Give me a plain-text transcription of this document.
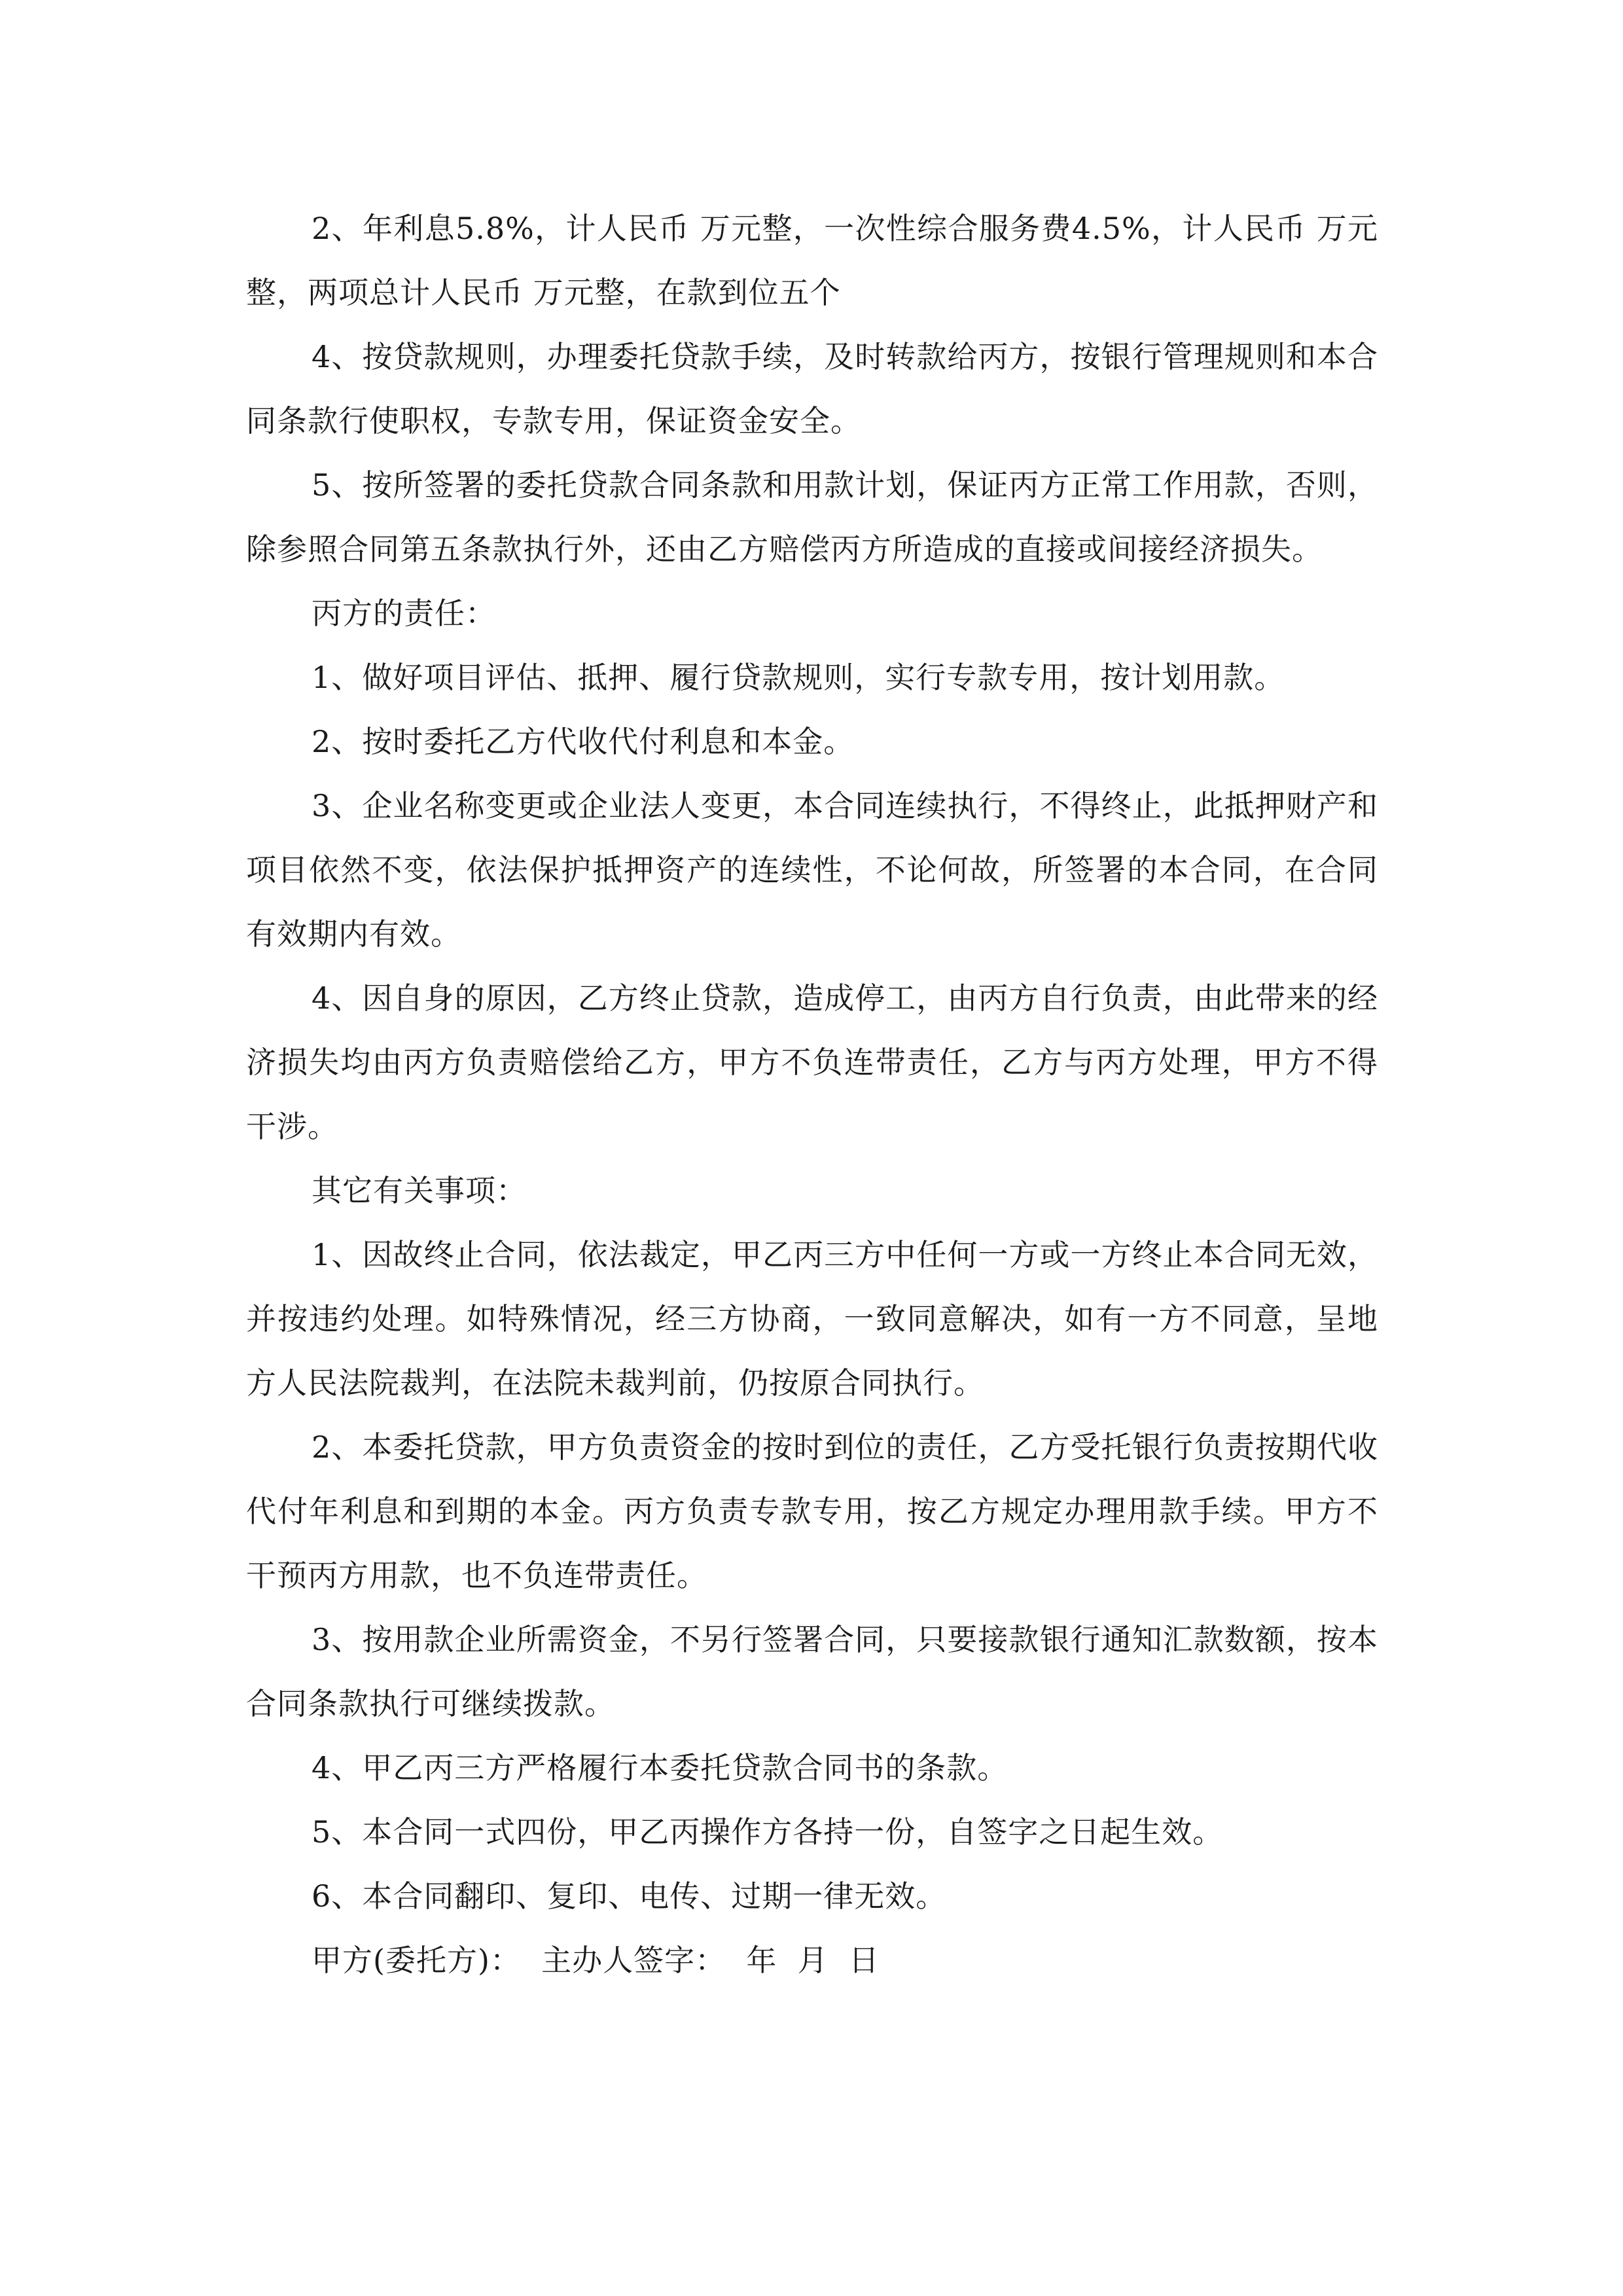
2、年利息5.8%，计人民币 万元整，一次性综合服务费4.5%，计人民币 万元整，两项总计人民币 万元整，在款到位五个

4、按贷款规则，办理委托贷款手续，及时转款给丙方，按银行管理规则和本合同条款行使职权，专款专用，保证资金安全。

5、按所签署的委托贷款合同条款和用款计划，保证丙方正常工作用款，否则，除参照合同第五条款执行外，还由乙方赔偿丙方所造成的直接或间接经济损失。

丙方的责任：

1、做好项目评估、抵押、履行贷款规则，实行专款专用，按计划用款。

2、按时委托乙方代收代付利息和本金。

3、企业名称变更或企业法人变更，本合同连续执行，不得终止，此抵押财产和项目依然不变，依法保护抵押资产的连续性，不论何故，所签署的本合同，在合同有效期内有效。

4、因自身的原因，乙方终止贷款，造成停工，由丙方自行负责，由此带来的经济损失均由丙方负责赔偿给乙方，甲方不负连带责任，乙方与丙方处理，甲方不得干涉。

其它有关事项：

1、因故终止合同，依法裁定，甲乙丙三方中任何一方或一方终止本合同无效，并按违约处理。如特殊情况，经三方协商，一致同意解决，如有一方不同意，呈地方人民法院裁判，在法院未裁判前，仍按原合同执行。

2、本委托贷款，甲方负责资金的按时到位的责任，乙方受托银行负责按期代收代付年利息和到期的本金。丙方负责专款专用，按乙方规定办理用款手续。甲方不干预丙方用款，也不负连带责任。

3、按用款企业所需资金，不另行签署合同，只要接款银行通知汇款数额，按本合同条款执行可继续拨款。

4、甲乙丙三方严格履行本委托贷款合同书的条款。

5、本合同一式四份，甲乙丙操作方各持一份，自签字之日起生效。

6、本合同翻印、复印、电传、过期一律无效。

甲方(委托方)：  主办人签字：  年  月  日
